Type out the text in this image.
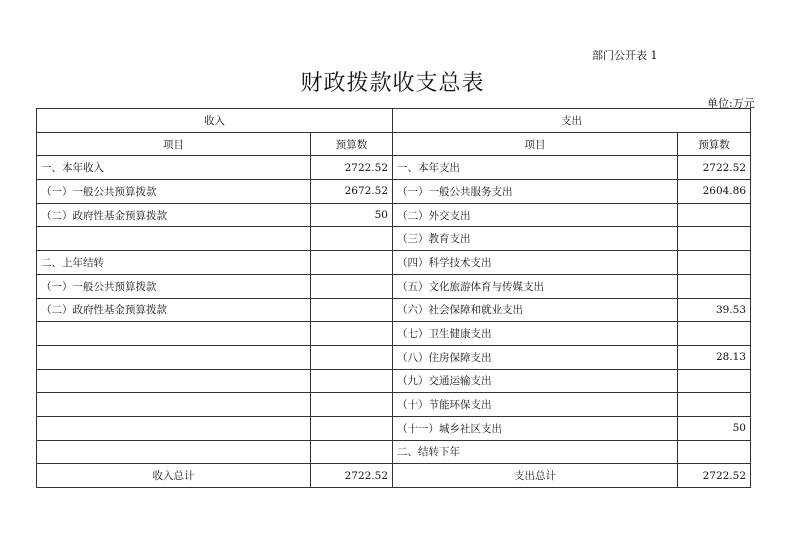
部门公开表 1
财政拨款收支总表
单位:万元
收入		支出	
项目	预算数	项目	预算数
一、本年收入	2722.52	一、本年支出	2722.52
（一）一般公共预算拨款	2672.52	（一）一般公共服务支出	2604.86
（二）政府性基金预算拨款	50	（二）外交支出	
		（三）教育支出	
二、上年结转		（四）科学技术支出	
（一）一般公共预算拨款		（五）文化旅游体育与传媒支出	
（二）政府性基金预算拨款		（六）社会保障和就业支出	39.53
		（七）卫生健康支出	
		（八）住房保障支出	28.13
		（九）交通运输支出	
		（十）节能环保支出	
		（十一）城乡社区支出	50
		二、结转下年	
收入总计	2722.52	支出总计	2722.52
